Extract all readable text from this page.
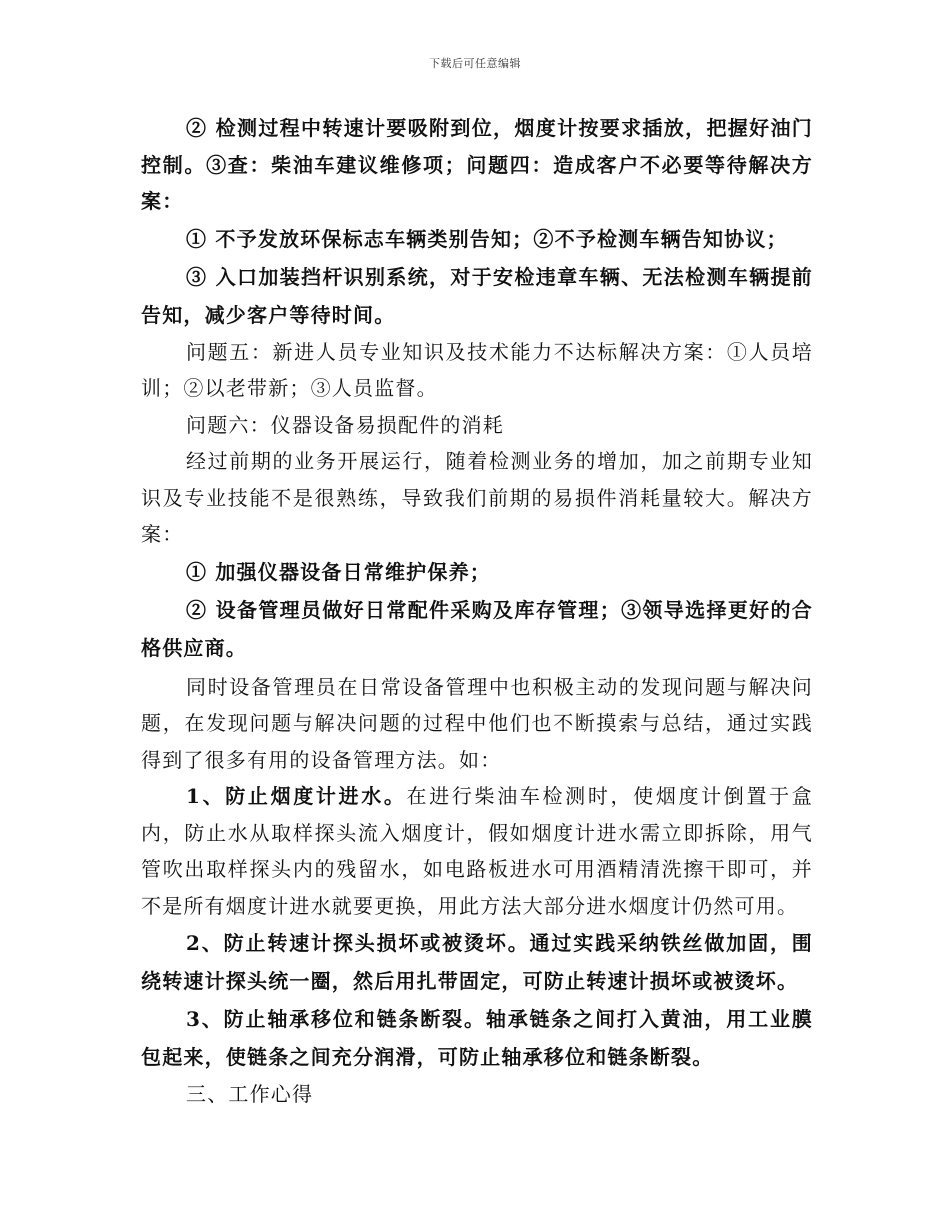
下载后可任意编辑

② 检测过程中转速计要吸附到位，烟度计按要求插放，把握好油门控制。③查：柴油车建议维修项；问题四：造成客户不必要等待解决方案：

① 不予发放环保标志车辆类别告知；②不予检测车辆告知协议；

③ 入口加装挡杆识别系统，对于安检违章车辆、无法检测车辆提前告知，减少客户等待时间。

问题五：新进人员专业知识及技术能力不达标解决方案：①人员培训；②以老带新；③人员监督。

问题六：仪器设备易损配件的消耗

经过前期的业务开展运行，随着检测业务的增加，加之前期专业知识及专业技能不是很熟练，导致我们前期的易损件消耗量较大。解决方案：

① 加强仪器设备日常维护保养；

② 设备管理员做好日常配件采购及库存管理；③领导选择更好的合格供应商。

同时设备管理员在日常设备管理中也积极主动的发现问题与解决问题，在发现问题与解决问题的过程中他们也不断摸索与总结，通过实践得到了很多有用的设备管理方法。如：

1、防止烟度计进水。在进行柴油车检测时，使烟度计倒置于盒内，防止水从取样探头流入烟度计，假如烟度计进水需立即拆除，用气管吹出取样探头内的残留水，如电路板进水可用酒精清洗擦干即可，并不是所有烟度计进水就要更换，用此方法大部分进水烟度计仍然可用。

2、防止转速计探头损坏或被烫坏。通过实践采纳铁丝做加固，围绕转速计探头统一圈，然后用扎带固定，可防止转速计损坏或被烫坏。

3、防止轴承移位和链条断裂。轴承链条之间打入黄油，用工业膜包起来，使链条之间充分润滑，可防止轴承移位和链条断裂。

三、工作心得
